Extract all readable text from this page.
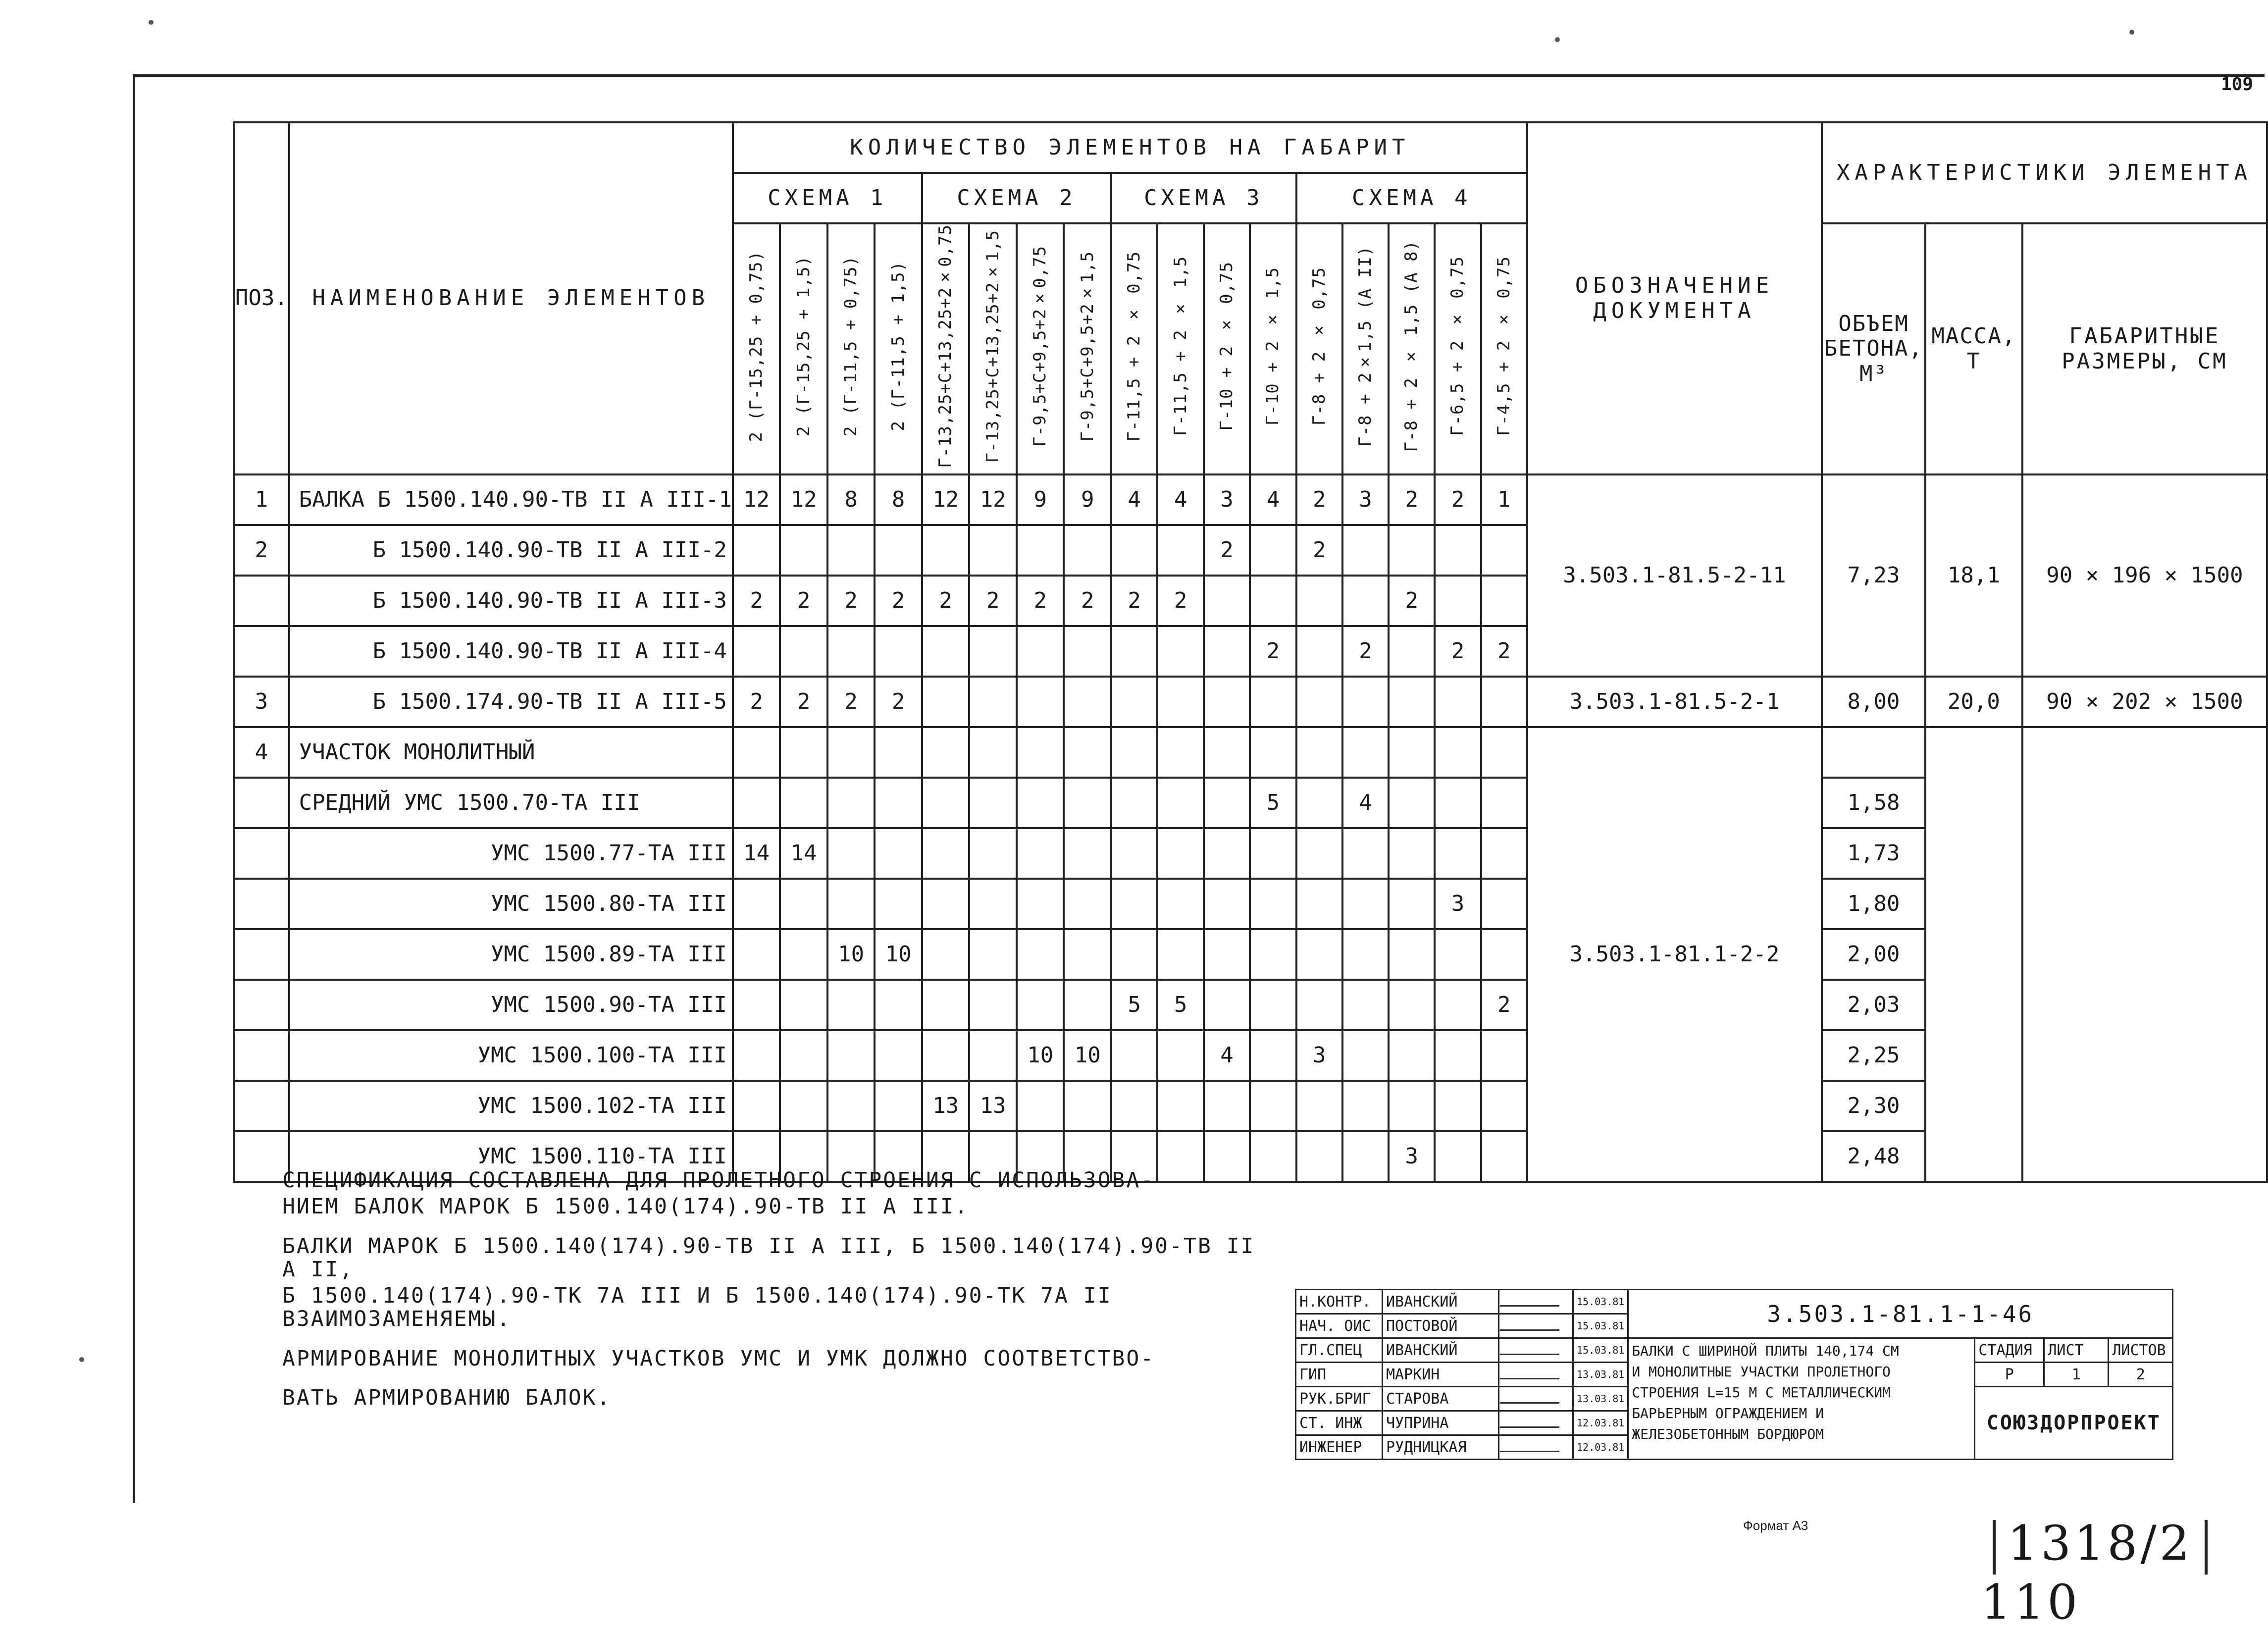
109
ПОЗ.	НАИМЕНОВАНИЕ ЭЛЕМЕНТОВ	КОЛИЧЕСТВО ЭЛЕМЕНТОВ НА ГАБАРИТ																	ОБОЗНАЧЕНИЕ ДОКУМЕНТА	ХАРАКТЕРИСТИКИ ЭЛЕМЕНТА		
		СХЕМА 1				СХЕМА 2				СХЕМА 3				СХЕМА 4								
		2 (Г-15,25 + 0,75)	2 (Г-15,25 + 1,5)	2 (Г-11,5 + 0,75)	2 (Г-11,5 + 1,5)	Г-13,25+С+13,25+2×0,75	Г-13,25+С+13,25+2×1,5	Г-9,5+С+9,5+2×0,75	Г-9,5+С+9,5+2×1,5	Г-11,5 + 2 × 0,75	Г-11,5 + 2 × 1,5	Г-10 + 2 × 0,75	Г-10 + 2 × 1,5	Г-8 + 2 × 0,75	Г-8 + 2×1,5 (А II)	Г-8 + 2 × 1,5 (А 8)	Г-6,5 + 2 × 0,75	Г-4,5 + 2 × 0,75		ОБЪЕМ БЕТОНА, М³	МАССА, Т	ГАБАРИТНЫЕ РАЗМЕРЫ, СМ
1	БАЛКА Б 1500.140.90-ТВ II А III-1	12	12	8	8	12	12	9	9	4	4	3	4	2	3	2	2	1	3.503.1-81.5-2-11	7,23	18,1	90 × 196 × 1500
2	Б 1500.140.90-ТВ II А III-2											2		2								
	Б 1500.140.90-ТВ II А III-3	2	2	2	2	2	2	2	2	2	2					2						
	Б 1500.140.90-ТВ II А III-4												2		2		2	2				
3	Б 1500.174.90-ТВ II А III-5	2	2	2	2														3.503.1-81.5-2-1	8,00	20,0	90 × 202 × 1500
4	УЧАСТОК МОНОЛИТНЫЙ																		3.503.1-81.1-2-2			
	СРЕДНИЙ УМС 1500.70-ТА III												5		4					1,58		
	УМС 1500.77-ТА III	14	14																	1,73		
	УМС 1500.80-ТА III																3			1,80		
	УМС 1500.89-ТА III			10	10															2,00		
	УМС 1500.90-ТА III									5	5							2		2,03		
	УМС 1500.100-ТА III							10	10			4		3						2,25		
	УМС 1500.102-ТА III					13	13													2,30		
	УМС 1500.110-ТА III															3				2,48		

СПЕЦИФИКАЦИЯ СОСТАВЛЕНА ДЛЯ ПРОЛЕТНОГО СТРОЕНИЯ С ИСПОЛЬЗОВА-

НИЕМ БАЛОК МАРОК Б 1500.140(174).90-ТВ II А III.

БАЛКИ МАРОК Б 1500.140(174).90-ТВ II А III, Б 1500.140(174).90-ТВ II А II,

Б 1500.140(174).90-ТК 7А III И Б 1500.140(174).90-ТК 7А II ВЗАИМОЗАМЕНЯЕМЫ.

АРМИРОВАНИЕ МОНОЛИТНЫХ УЧАСТКОВ УМС И УМК ДОЛЖНО СООТВЕТСТВО-

ВАТЬ АРМИРОВАНИЮ БАЛОК.

Н.КОНТР.	ИВАНСКИЙ		15.03.81	3.503.1-81.1-1-46			
НАЧ. ОИС	ПОСТОВОЙ		15.03.81				
ГЛ.СПЕЦ	ИВАНСКИЙ		15.03.81	БАЛКИ С ШИРИНОЙ ПЛИТЫ 140,174 СМ
И МОНОЛИТНЫЕ УЧАСТКИ ПРОЛЕТНОГО
СТРОЕНИЯ L=15 М С МЕТАЛЛИЧЕСКИМ
БАРЬЕРНЫМ ОГРАЖДЕНИЕМ И
ЖЕЛЕЗОБЕТОННЫМ БОРДЮРОМ	СТАДИЯ	ЛИСТ	ЛИСТОВ
ГИП	МАРКИН		13.03.81		Р	1	2
РУК.БРИГ	СТАРОВА		13.03.81		СОЮЗДОРПРОЕКТ		
СТ. ИНЖ	ЧУПРИНА		12.03.81				
ИНЖЕНЕР	РУДНИЦКАЯ		12.03.81				
Формат А3	1318/2110
